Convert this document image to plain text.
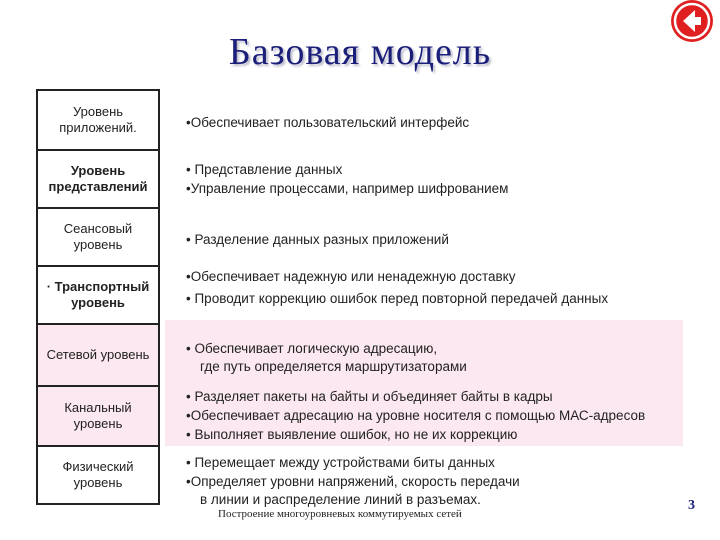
Базовая модель
Уровень приложений.
Уровень представлений
Сеансовый уровень
· Транспортный уровень
Сетевой уровень
Канальный уровень
Физический уровень
•Обеспечивает пользовательский интерфейс
• Представление данных
•Управление процессами, например шифрованием
• Разделение данных разных приложений
•Обеспечивает надежную или ненадежную доставку
• Проводит коррекцию ошибок перед повторной передачей данных
• Обеспечивает логическую адресацию,
где путь определяется маршрутизаторами
• Разделяет пакеты на байты и объединяет байты в кадры
•Обеспечивает адресацию на уровне носителя с помощью МАС-адресов
• Выполняет выявление ошибок, но не их коррекцию
• Перемещает между устройствами биты данных
•Определяет уровни напряжений, скорость передачи
в линии и распределение линий в разъемах.
Построение многоуровневых коммутируемых сетей
3
